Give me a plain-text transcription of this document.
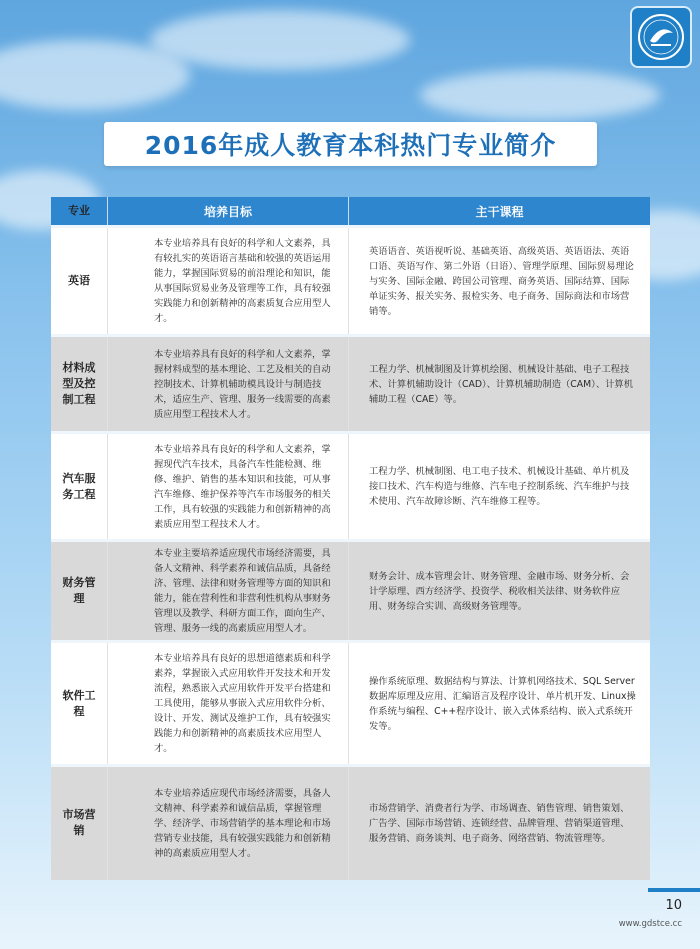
2016年成人教育本科热门专业简介
专业	培养目标	主干课程
英语	本专业培养具有良好的科学和人文素养，具有较扎实的英语语言基础和较强的英语运用能力，掌握国际贸易的前沿理论和知识，能从事国际贸易业务及管理等工作，具有较强实践能力和创新精神的高素质复合应用型人才。	英语语音、英语视听说、基础英语、高级英语、英语语法、英语口语、英语写作、第二外语（日语）、管理学原理、国际贸易理论与实务、国际金融、跨国公司管理、商务英语、国际结算、国际单证实务、报关实务、报检实务、电子商务、国际商法和市场营销等。

材料成型及控制工程	本专业培养具有良好的科学和人文素养，掌握材料成型的基本理论、工艺及相关的自动控制技术、计算机辅助模具设计与制造技术，适应生产、管理、服务一线需要的高素质应用型工程技术人才。	工程力学、机械制图及计算机绘图、机械设计基础、电子工程技术、计算机辅助设计（CAD）、计算机辅助制造（CAM）、计算机辅助工程（CAE）等。

汽车服务工程	本专业培养具有良好的科学和人文素养，掌握现代汽车技术，具备汽车性能检测、维修、维护、销售的基本知识和技能，可从事汽车维修、维护保养等汽车市场服务的相关工作，具有较强的实践能力和创新精神的高素质应用型工程技术人才。	工程力学、机械制图、电工电子技术、机械设计基础、单片机及接口技术、汽车构造与维修、汽车电子控制系统、汽车维护与技术使用、汽车故障诊断、汽车维修工程等。

财务管理	本专业主要培养适应现代市场经济需要，具备人文精神、科学素养和诚信品质，具备经济、管理、法律和财务管理等方面的知识和能力，能在营利性和非营利性机构从事财务管理以及教学、科研方面工作，面向生产、管理、服务一线的高素质应用型人才。	财务会计、成本管理会计、财务管理、金融市场、财务分析、会计学原理、西方经济学、投资学、税收相关法律、财务软件应用、财务综合实训、高级财务管理等。

软件工程	本专业培养具有良好的思想道德素质和科学素养，掌握嵌入式应用软件开发技术和开发流程，熟悉嵌入式应用软件开发平台搭建和工具使用，能够从事嵌入式应用软件分析、设计、开发、测试及维护工作，具有较强实践能力和创新精神的高素质技术应用型人才。	操作系统原理、数据结构与算法、计算机网络技术、SQL Server数据库原理及应用、汇编语言及程序设计、单片机开发、Linux操作系统与编程、C++程序设计、嵌入式体系结构、嵌入式系统开发等。

市场营销	本专业培养适应现代市场经济需要，具备人文精神、科学素养和诚信品质，掌握管理学、经济学、市场营销学的基本理论和市场营销专业技能，具有较强实践能力和创新精神的高素质应用型人才。	市场营销学、消费者行为学、市场调查、销售管理、销售策划、广告学、国际市场营销、连锁经营、品牌管理、营销渠道管理、服务营销、商务谈判、电子商务、网络营销、物流管理等。
10
www.gdstce.cc
